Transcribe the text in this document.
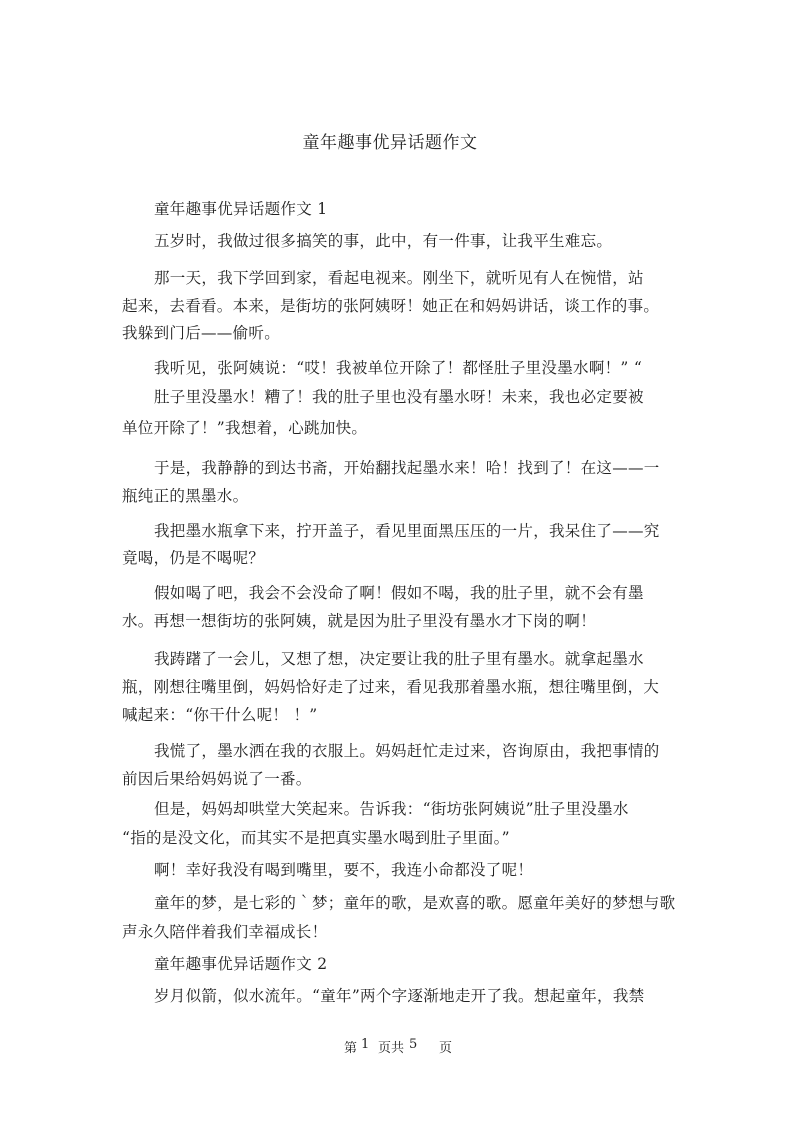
童年趣事优异话题作文
童年趣事优异话题作文 1
五岁时，我做过很多搞笑的事，此中，有一件事，让我平生难忘。
那一天，我下学回到家，看起电视来。刚坐下，就听见有人在惋惜，站
起来，去看看。本来，是街坊的张阿姨呀！她正在和妈妈讲话，谈工作的事。
我躲到门后——偷听。
我听见，张阿姨说：“哎！我被单位开除了！都怪肚子里没墨水啊！” “
肚子里没墨水！糟了！我的肚子里也没有墨水呀！未来，我也必定要被
单位开除了！”我想着，心跳加快。
于是，我静静的到达书斋，开始翻找起墨水来！哈！找到了！在这——一
瓶纯正的黑墨水。
我把墨水瓶拿下来，拧开盖子，看见里面黑压压的一片，我呆住了——究
竟喝，仍是不喝呢？
假如喝了吧，我会不会没命了啊！假如不喝，我的肚子里，就不会有墨
水。再想一想街坊的张阿姨，就是因为肚子里没有墨水才下岗的啊！
我踌躇了一会儿，又想了想，决定要让我的肚子里有墨水。就拿起墨水
瓶，刚想往嘴里倒，妈妈恰好走了过来，看见我那着墨水瓶，想往嘴里倒，大
喊起来：“你干什么呢！ ！”
我慌了，墨水洒在我的衣服上。妈妈赶忙走过来，咨询原由，我把事情的
前因后果给妈妈说了一番。
但是，妈妈却哄堂大笑起来。告诉我：“街坊张阿姨说”肚子里没墨水
“指的是没文化，而其实不是把真实墨水喝到肚子里面。”
啊！幸好我没有喝到嘴里，要不，我连小命都没了呢！
童年的梦，是七彩的｀梦；童年的歌，是欢喜的歌。愿童年美好的梦想与歌
声永久陪伴着我们幸福成长！
童年趣事优异话题作文 2
岁月似箭，似水流年。“童年”两个字逐渐地走开了我。想起童年，我禁
第 1 页共 5 页
